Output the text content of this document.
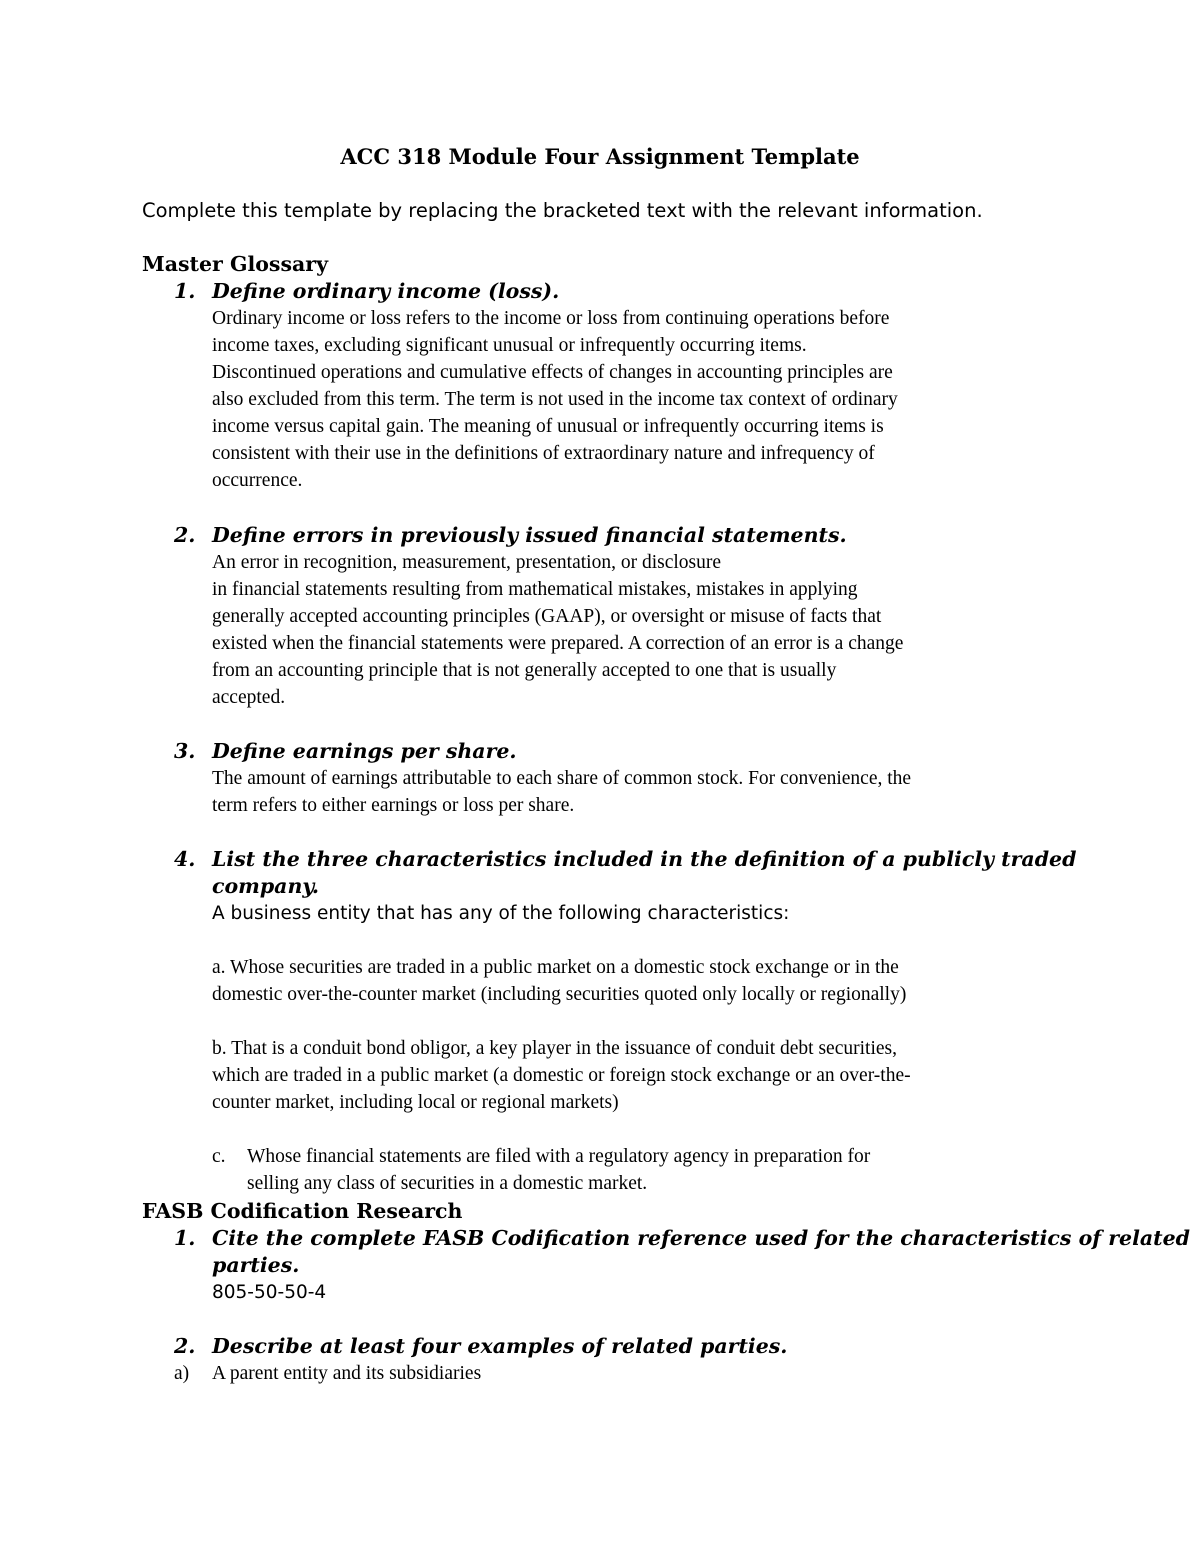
ACC 318 Module Four Assignment Template
Complete this template by replacing the bracketed text with the relevant information.
Master Glossary
1. Define ordinary income (loss).
Ordinary income or loss refers to the income or loss from continuing operations before
income taxes, excluding significant unusual or infrequently occurring items.
Discontinued operations and cumulative effects of changes in accounting principles are
also excluded from this term. The term is not used in the income tax context of ordinary
income versus capital gain. The meaning of unusual or infrequently occurring items is
consistent with their use in the definitions of extraordinary nature and infrequency of
occurrence.
2. Define errors in previously issued financial statements.
An error in recognition, measurement, presentation, or disclosure
in financial statements resulting from mathematical mistakes, mistakes in applying
generally accepted accounting principles (GAAP), or oversight or misuse of facts that
existed when the financial statements were prepared. A correction of an error is a change
from an accounting principle that is not generally accepted to one that is usually
accepted.
3. Define earnings per share.
The amount of earnings attributable to each share of common stock. For convenience, the
term refers to either earnings or loss per share.
4. List the three characteristics included in the definition of a publicly traded company.
A business entity that has any of the following characteristics:
a. Whose securities are traded in a public market on a domestic stock exchange or in the
domestic over-the-counter market (including securities quoted only locally or regionally)
b. That is a conduit bond obligor, a key player in the issuance of conduit debt securities,
which are traded in a public market (a domestic or foreign stock exchange or an over-the-
counter market, including local or regional markets)
c. Whose financial statements are filed with a regulatory agency in preparation for
selling any class of securities in a domestic market.
FASB Codification Research
1. Cite the complete FASB Codification reference used for the characteristics of related
parties.
805-50-50-4
2. Describe at least four examples of related parties.
a) A parent entity and its subsidiaries
